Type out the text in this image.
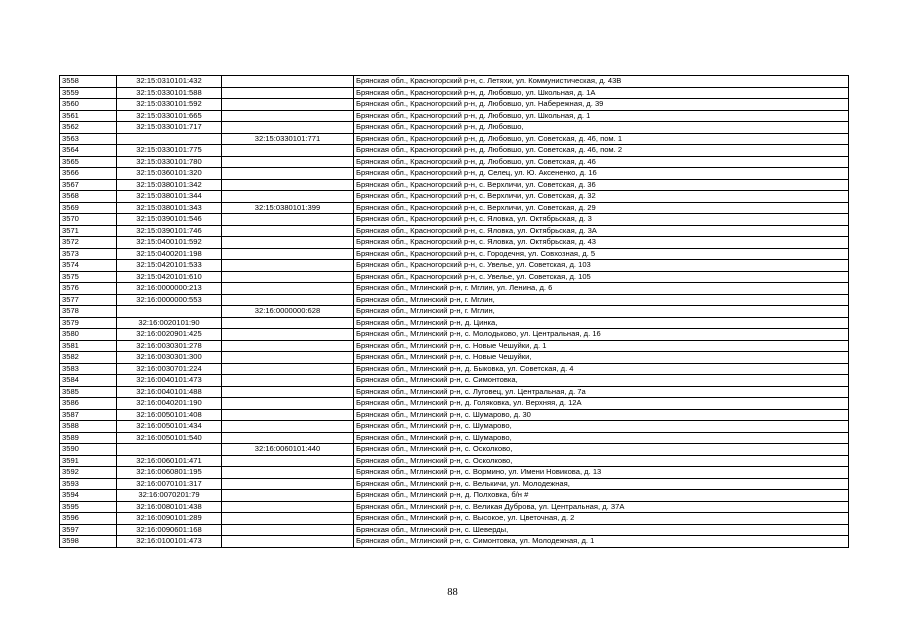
3558	32:15:0310101:432		Брянская обл., Красногорский р-н, с. Летяхи, ул. Коммунистическая, д. 43В
3559	32:15:0330101:588		Брянская обл., Красногорский р-н, д. Любовшо, ул. Школьная, д. 1А
3560	32:15:0330101:592		Брянская обл., Красногорский р-н, д. Любовшо, ул. Набережная, д. 39
3561	32:15:0330101:665		Брянская обл., Красногорский р-н, д. Любовшо, ул. Школьная, д. 1
3562	32:15:0330101:717		Брянская обл., Красногорский р-н, д. Любовшо,
3563		32:15:0330101:771	Брянская обл., Красногорский р-н, д. Любовшо, ул. Советская, д. 46, пом. 1
3564	32:15:0330101:775		Брянская обл., Красногорский р-н, д. Любовшо, ул. Советская, д. 46, пом. 2
3565	32:15:0330101:780		Брянская обл., Красногорский р-н, д. Любовшо, ул. Советская, д. 46
3566	32:15:0360101:320		Брянская обл., Красногорский р-н, д. Селец, ул. Ю. Аксененко, д. 16
3567	32:15:0380101:342		Брянская обл., Красногорский р-н, с. Верхличи, ул. Советская, д. 36
3568	32:15:0380101:344		Брянская обл., Красногорский р-н, с. Верхличи, ул. Советская, д. 32
3569	32:15:0380101:343	32:15:0380101:399	Брянская обл., Красногорский р-н, с. Верхличи, ул. Советская, д. 29
3570	32:15:0390101:546		Брянская обл., Красногорский р-н, с. Яловка, ул. Октябрьская, д. 3
3571	32:15:0390101:746		Брянская обл., Красногорский р-н, с. Яловка, ул. Октябрьская, д. 3А
3572	32:15:0400101:592		Брянская обл., Красногорский р-н, с. Яловка, ул. Октябрьская, д. 43
3573	32:15:0400201:198		Брянская обл., Красногорский р-н, с. Городечня, ул. Совхозная, д. 5
3574	32:15:0420101:533		Брянская обл., Красногорский р-н, с. Увелье, ул. Советская, д. 103
3575	32:15:0420101:610		Брянская обл., Красногорский р-н, с. Увелье, ул. Советская, д. 105
3576	32:16:0000000:213		Брянская обл., Мглинский р-н, г. Мглин, ул. Ленина, д. 6
3577	32:16:0000000:553		Брянская обл., Мглинский р-н, г. Мглин,
3578		32:16:0000000:628	Брянская обл., Мглинский р-н, г. Мглин,
3579	32:16:0020101:90		Брянская обл., Мглинский р-н, д. Цинка,
3580	32:16:0020901:425		Брянская обл., Мглинский р-н, с. Молодьково, ул. Центральная, д. 16
3581	32:16:0030301:278		Брянская обл., Мглинский р-н, с. Новые Чешуйки, д. 1
3582	32:16:0030301:300		Брянская обл., Мглинский р-н, с. Новые Чешуйки,
3583	32:16:0030701:224		Брянская обл., Мглинский р-н, д. Быковка, ул. Советская, д. 4
3584	32:16:0040101:473		Брянская обл., Мглинский р-н, с. Симонтовка,
3585	32:16:0040101:488		Брянская обл., Мглинский р-н, с. Луговец, ул. Центральная, д. 7а
3586	32:16:0040201:190		Брянская обл., Мглинский р-н, д. Голяковка, ул. Верхняя, д. 12А
3587	32:16:0050101:408		Брянская обл., Мглинский р-н, с. Шумарово, д. 30
3588	32:16:0050101:434		Брянская обл., Мглинский р-н, с. Шумарово,
3589	32:16:0050101:540		Брянская обл., Мглинский р-н, с. Шумарово,
3590		32:16:0060101:440	Брянская обл., Мглинский р-н, с. Осколково,
3591	32:16:0060101:471		Брянская обл., Мглинский р-н, с. Осколково,
3592	32:16:0060801:195		Брянская обл., Мглинский р-н, с. Вормино, ул. Имени Новикова, д. 13
3593	32:16:0070101:317		Брянская обл., Мглинский р-н, с. Велькичи, ул. Молодежная,
3594	32:16:0070201:79		Брянская обл., Мглинский р-н, д. Полховка, б/н #
3595	32:16:0080101:438		Брянская обл., Мглинский р-н, с. Великая Дуброва, ул. Центральная, д. 37А
3596	32:16:0090101:289		Брянская обл., Мглинский р-н, с. Высокое, ул. Цветочная, д. 2
3597	32:16:0090601:168		Брянская обл., Мглинский р-н, с. Шеверды,
3598	32:16:0100101:473		Брянская обл., Мглинский р-н, с. Симонтовка, ул. Молодежная, д. 1
88
